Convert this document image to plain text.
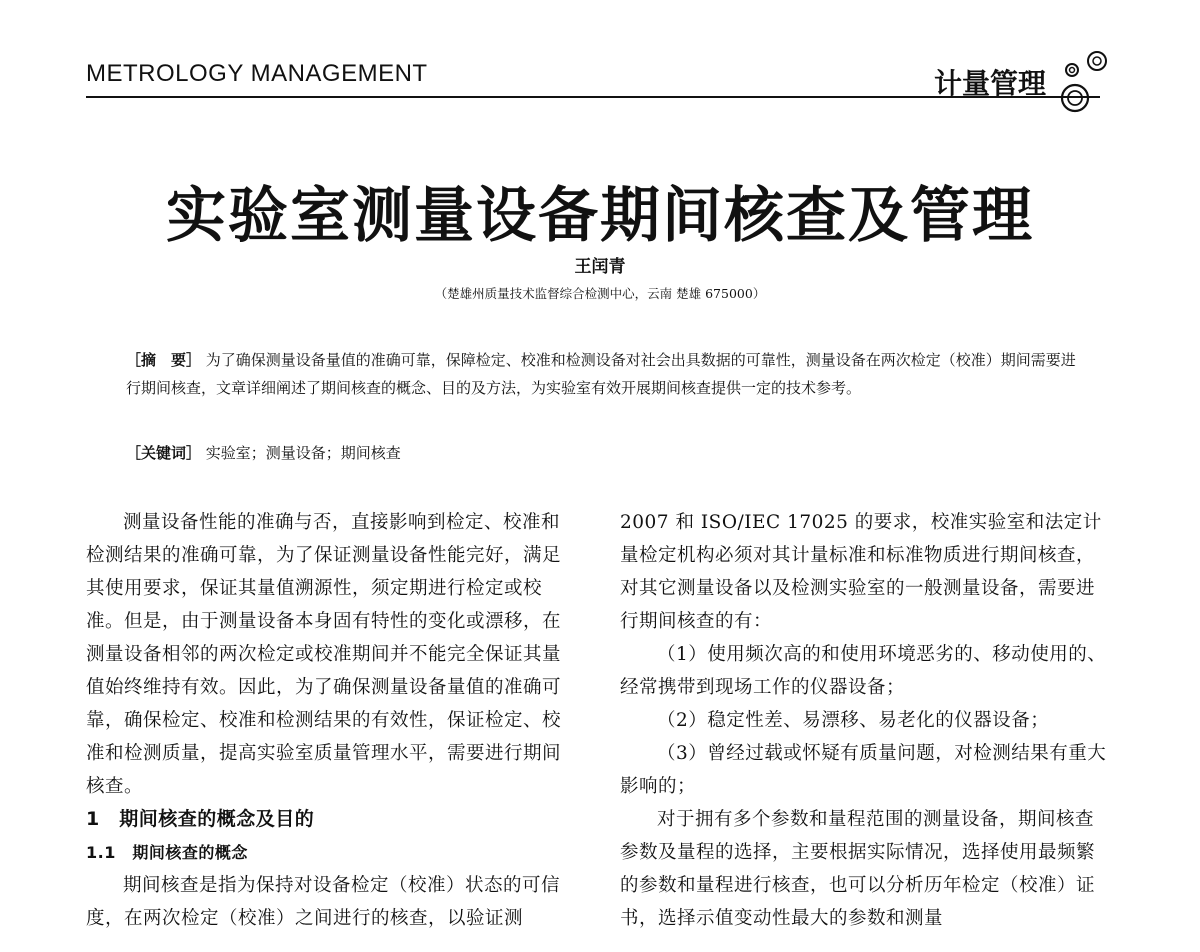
METROLOGY MANAGEMENT	计量管理
实验室测量设备期间核查及管理
王闰青
（楚雄州质量技术监督综合检测中心，云南 楚雄 675000）

［摘　要］ 为了确保测量设备量值的准确可靠，保障检定、校准和检测设备对社会出具数据的可靠性，测量设备在两次检定（校准）期间需要进行期间核查，文章详细阐述了期间核查的概念、目的及方法，为实验室有效开展期间核查提供一定的技术参考。

［关键词］ 实验室；测量设备；期间核查

测量设备性能的准确与否，直接影响到检定、校准和检测结果的准确可靠，为了保证测量设备性能完好，满足其使用要求，保证其量值溯源性，须定期进行检定或校准。但是，由于测量设备本身固有特性的变化或漂移，在测量设备相邻的两次检定或校准期间并不能完全保证其量值始终维持有效。因此，为了确保测量设备量值的准确可靠，确保检定、校准和检测结果的有效性，保证检定、校准和检测质量，提高实验室质量管理水平，需要进行期间核查。

1　期间核查的概念及目的

1.1　期间核查的概念

期间核查是指为保持对设备检定（校准）状态的可信度，在两次检定（校准）之间进行的核查，以验证测

2007 和 ISO/IEC 17025 的要求，校准实验室和法定计量检定机构必须对其计量标准和标准物质进行期间核查，对其它测量设备以及检测实验室的一般测量设备，需要进行期间核查的有：

（1）使用频次高的和使用环境恶劣的、移动使用的、经常携带到现场工作的仪器设备；

（2）稳定性差、易漂移、易老化的仪器设备；

（3）曾经过载或怀疑有质量问题，对检测结果有重大影响的；

对于拥有多个参数和量程范围的测量设备，期间核查参数及量程的选择，主要根据实际情况，选择使用最频繁的参数和量程进行核查，也可以分析历年检定（校准）证书，选择示值变动性最大的参数和测量
